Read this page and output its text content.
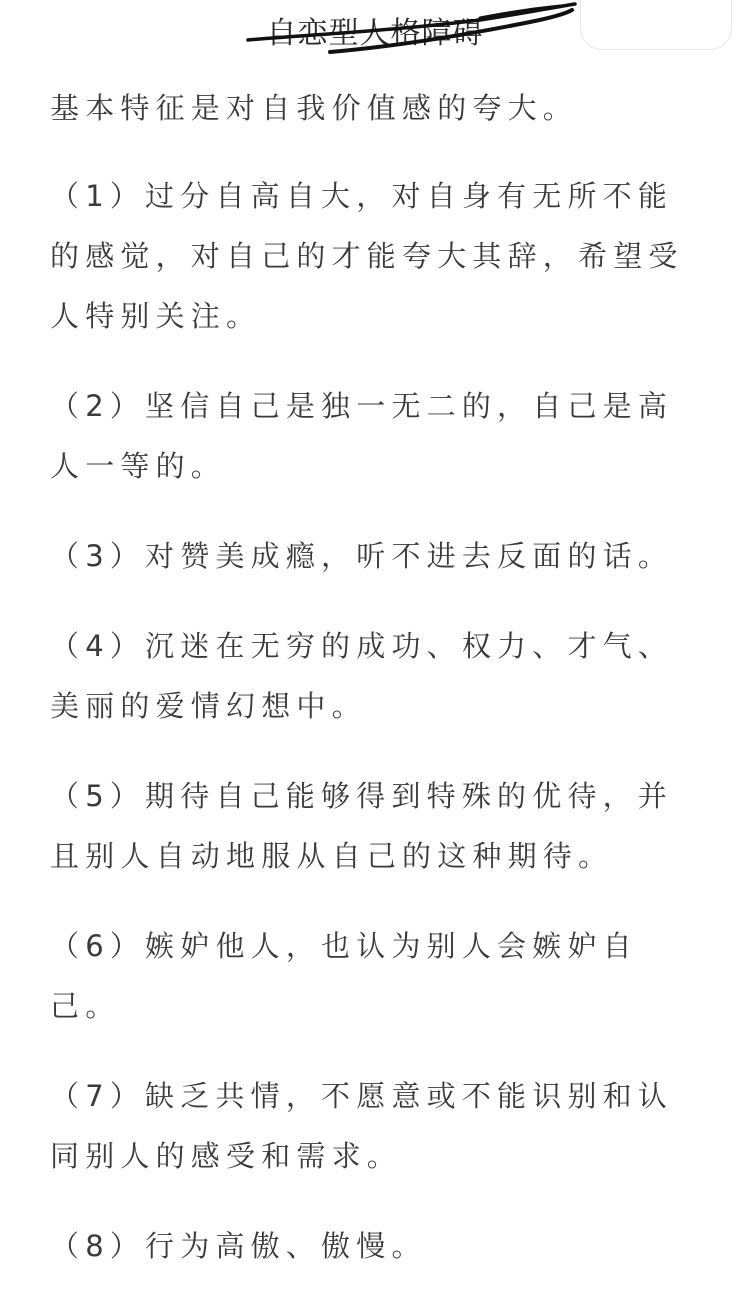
自恋型人格障碍

基本特征是对自我价值感的夸大。

（1）过分自高自大，对自身有无所不能的感觉，对自己的才能夸大其辞，希望受人特别关注。

（2）坚信自己是独一无二的，自己是高人一等的。

（3）对赞美成瘾，听不进去反面的话。

（4）沉迷在无穷的成功、权力、才气、美丽的爱情幻想中。

（5）期待自己能够得到特殊的优待，并且别人自动地服从自己的这种期待。

（6）嫉妒他人，也认为别人会嫉妒自己。

（7）缺乏共情，不愿意或不能识别和认同别人的感受和需求。

（8）行为高傲、傲慢。
